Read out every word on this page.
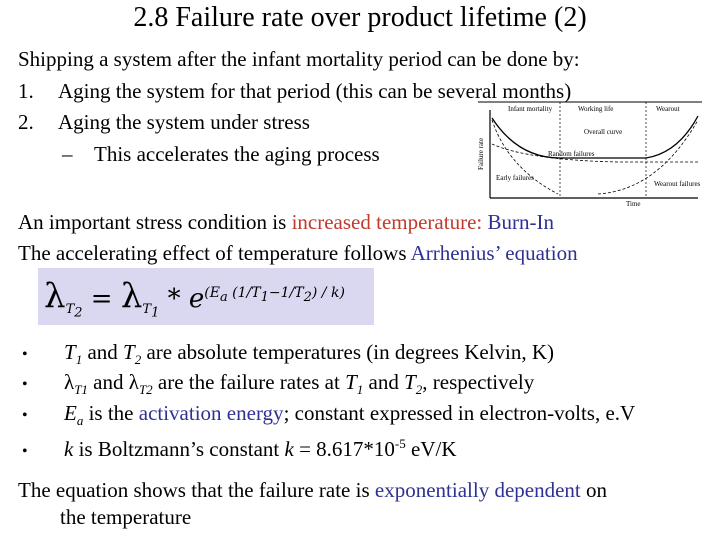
2.8 Failure rate over product lifetime (2)
Shipping a system after the infant mortality period can be done by:
1. Aging the system for that period (this can be several months)
2. Aging the system under stress
– This accelerates the aging process	Failure rate
Time
Infant mortality	Working life	Wearout
Overall curve
Random failures
Early failures
Wearout failures
An important stress condition is increased temperature: Burn-In
The accelerating effect of temperature follows Arrhenius’ equation
$\lambda_{T_2} = \lambda_{T_1} * e^{(E_a (1/T_1-1/T_2) / k)}$
• $T_1$ and $T_2$ are absolute temperatures (in degrees Kelvin, K)
• $\lambda_{T1}$ and $\lambda_{T2}$ are the failure rates at $T_1$ and $T_2$, respectively
• $E_a$ is the activation energy; constant expressed in electron-volts, e.V
• k is Boltzmann’s constant $k = 8.617*10^{-5}$ eV/K
The equation shows that the failure rate is exponentially dependent on
the temperature
